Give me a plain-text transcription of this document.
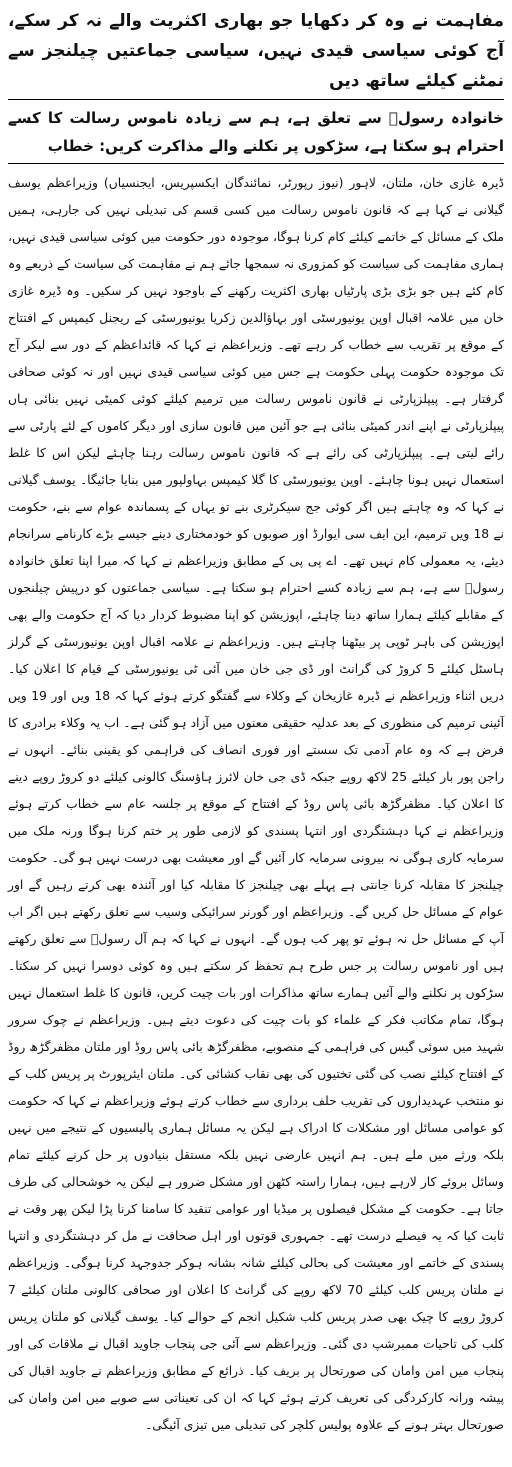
مفاہمت نے وہ کر دکھایا جو بھاری اکثریت والے نہ کر سکے، آج کوئی سیاسی قیدی نہیں، سیاسی جماعتیں چیلنجز سے نمٹنے کیلئے ساتھ دیں

خانوادہ رسولؐ سے تعلق ہے، ہم سے زیادہ ناموس رسالت کا کسے احترام ہو سکتا ہے، سڑکوں پر نکلنے والے مذاکرت کریں: خطاب

ڈیرہ غازی خان، ملتان، لاہور (نیوز رپورٹر، نمائندگان ایکسپریس، ایجنسیاں) وزیراعظم یوسف گیلانی نے کہا ہے کہ قانون ناموس رسالت میں کسی قسم کی تبدیلی نہیں کی جارہی، ہمیں ملک کے مسائل کے خاتمے کیلئے کام کرنا ہوگا، موجودہ دور حکومت میں کوئی سیاسی قیدی نہیں، ہماری مفاہمت کی سیاست کو کمزوری نہ سمجھا جائے ہم نے مفاہمت کی سیاست کے ذریعے وہ کام کئے ہیں جو بڑی بڑی پارٹیاں بھاری اکثریت رکھنے کے باوجود نہیں کر سکیں۔ وہ ڈیرہ غازی خان میں علامہ اقبال اوپن یونیورسٹی اور بہاؤالدین زکریا یونیورسٹی کے ریجنل کیمپس کے افتتاح کے موقع پر تقریب سے خطاب کر رہے تھے۔ وزیراعظم نے کہا کہ قائداعظم کے دور سے لیکر آج تک موجودہ حکومت پہلی حکومت ہے جس میں کوئی سیاسی قیدی نہیں اور نہ کوئی صحافی گرفتار ہے۔ پیپلزپارٹی نے قانون ناموس رسالت میں ترمیم کیلئے کوئی کمیٹی نہیں بنائی ہاں پیپلزپارٹی نے اپنے اندر کمیٹی بنائی ہے جو آئین میں قانون سازی اور دیگر کاموں کے لئے پارٹی سے رائے لیتی ہے۔ پیپلزپارٹی کی رائے ہے کہ قانون ناموس رسالت رہنا چاہئے لیکن اس کا غلط استعمال نہیں ہونا چاہئے۔ اوپن یونیورسٹی کا گلا کیمپس بہاولپور میں بنایا جائیگا۔ یوسف گیلانی نے کہا کہ وہ چاہتے ہیں اگر کوئی جج سیکرٹری بنے تو یہاں کے پسماندہ عوام سے بنے، حکومت نے 18 ویں ترمیم، این ایف سی ایوارڈ اور صوبوں کو خودمختاری دینے جیسے بڑے کارنامے سرانجام دیئے، یہ معمولی کام نہیں تھے۔ اے پی پی کے مطابق وزیراعظم نے کہا کہ میرا اپنا تعلق خانوادہ رسولؐ سے ہے، ہم سے زیادہ کسے احترام ہو سکتا ہے۔ سیاسی جماعتوں کو درپیش چیلنجوں کے مقابلے کیلئے ہمارا ساتھ دینا چاہئے، اپوزیشن کو اپنا مضبوط کردار دیا کہ آج حکومت والے بھی اپوزیشن کی باہر ٹوپی پر بیٹھنا چاہتے ہیں۔ وزیراعظم نے علامہ اقبال اوپن یونیورسٹی کے گرلز ہاسٹل کیلئے 5 کروڑ کی گرانٹ اور ڈی جی خان میں آئی ٹی یونیورسٹی کے قیام کا اعلان کیا۔ دریں اثناء وزیراعظم نے ڈیرہ غازیخان کے وکلاء سے گفتگو کرتے ہوئے کہا کہ 18 ویں اور 19 ویں آئینی ترمیم کی منظوری کے بعد عدلیہ حقیقی معنوں میں آزاد ہو گئی ہے۔ اب یہ وکلاء برادری کا فرض ہے کہ وہ عام آدمی تک سستے اور فوری انصاف کی فراہمی کو یقینی بنائے۔ انہوں نے راجن پور بار کیلئے 25 لاکھ روپے جبکہ ڈی جی خان لائرز ہاؤسنگ کالونی کیلئے دو کروڑ روپے دینے کا اعلان کیا۔ مظفرگڑھ بائی پاس روڈ کے افتتاح کے موقع پر جلسہ عام سے خطاب کرتے ہوئے وزیراعظم نے کہا دہشتگردی اور انتہا پسندی کو لازمی طور پر ختم کرنا ہوگا ورنہ ملک میں سرمایہ کاری ہوگی نہ بیرونی سرمایہ کار آئیں گے اور معیشت بھی درست نہیں ہو گی۔ حکومت چیلنجز کا مقابلہ کرنا جانتی ہے پہلے بھی چیلنجز کا مقابلہ کیا اور آئندہ بھی کرتے رہیں گے اور عوام کے مسائل حل کریں گے۔ وزیراعظم اور گورنر سرائیکی وسیب سے تعلق رکھتے ہیں اگر اب آپ کے مسائل حل نہ ہوئے تو پھر کب ہوں گے۔ انہوں نے کہا کہ ہم آل رسولؐ سے تعلق رکھتے ہیں اور ناموس رسالت پر جس طرح ہم تحفظ کر سکتے ہیں وہ کوئی دوسرا نہیں کر سکتا۔ سڑکوں پر نکلنے والے آئیں ہمارے ساتھ مذاکرات اور بات چیت کریں، قانون کا غلط استعمال نہیں ہوگا، تمام مکاتب فکر کے علماء کو بات چیت کی دعوت دیتے ہیں۔ وزیراعظم نے چوک سرور شہید میں سوئی گیس کی فراہمی کے منصوبے، مظفرگڑھ بائی پاس روڈ اور ملتان مظفرگڑھ روڈ کے افتتاح کیلئے نصب کی گئی تختیوں کی بھی نقاب کشائی کی۔ ملتان ایئرپورٹ پر پریس کلب کے نو منتخب عہدیداروں کی تقریب حلف برداری سے خطاب کرتے ہوئے وزیراعظم نے کہا کہ حکومت کو عوامی مسائل اور مشکلات کا ادراک ہے لیکن یہ مسائل ہماری پالیسیوں کے نتیجے میں نہیں بلکہ ورثے میں ملے ہیں۔ ہم انہیں عارضی نہیں بلکہ مستقل بنیادوں پر حل کرنے کیلئے تمام وسائل بروئے کار لارہے ہیں، ہمارا راستہ کٹھن اور مشکل ضرور ہے لیکن یہ خوشحالی کی طرف جاتا ہے۔ حکومت کے مشکل فیصلوں پر میڈیا اور عوامی تنقید کا سامنا کرنا پڑا لیکن پھر وقت نے ثابت کیا کہ یہ فیصلے درست تھے۔ جمہوری قوتوں اور اہل صحافت نے مل کر دہشتگردی و انتہا پسندی کے خاتمے اور معیشت کی بحالی کیلئے شانہ بشانہ ہوکر جدوجہد کرنا ہوگی۔ وزیراعظم نے ملتان پریس کلب کیلئے 70 لاکھ روپے کی گرانٹ کا اعلان اور صحافی کالونی ملتان کیلئے 7 کروڑ روپے کا چیک بھی صدر پریس کلب شکیل انجم کے حوالے کیا۔ یوسف گیلانی کو ملتان پریس کلب کی تاحیات ممبرشپ دی گئی۔ وزیراعظم سے آئی جی پنجاب جاوید اقبال نے ملاقات کی اور پنجاب میں امن وامان کی صورتحال پر بریف کیا۔ ذرائع کے مطابق وزیراعظم نے جاوید اقبال کی پیشہ ورانہ کارکردگی کی تعریف کرتے ہوئے کہا کہ ان کی تعیناتی سے صوبے میں امن وامان کی صورتحال بہتر ہونے کے علاوہ پولیس کلچر کی تبدیلی میں تیزی آئیگی۔
